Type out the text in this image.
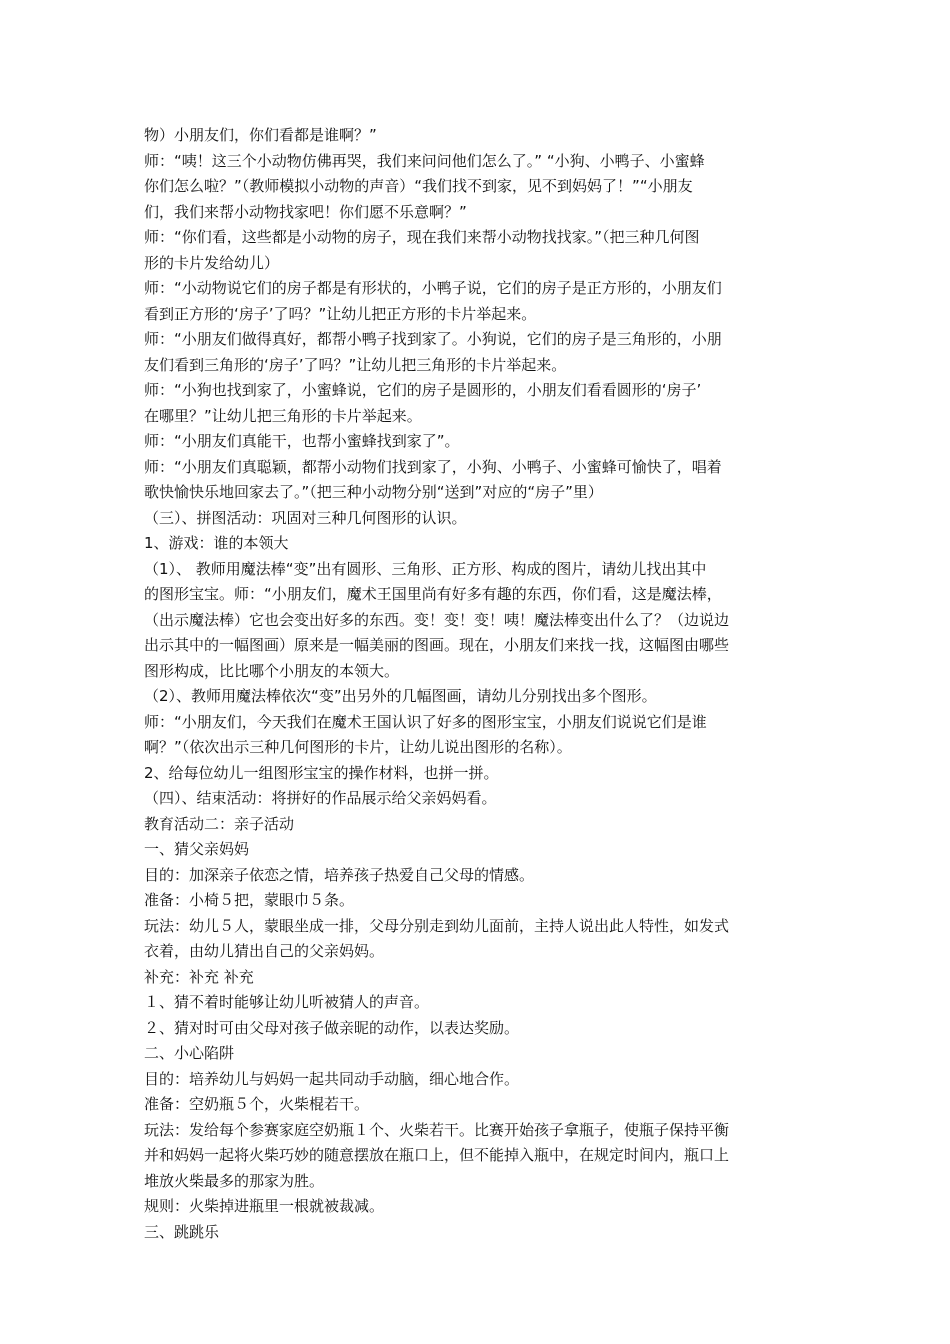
物）小朋友们，你们看都是谁啊？”
师：“咦！这三个小动物仿佛再哭，我们来问问他们怎么了。” “小狗、小鸭子、小蜜蜂
你们怎么啦？”（教师模拟小动物的声音）“我们找不到家，见不到妈妈了！”“小朋友
们，我们来帮小动物找家吧！你们愿不乐意啊？”
师：“你们看，这些都是小动物的房子，现在我们来帮小动物找找家。”（把三种几何图
形的卡片发给幼儿）
师：“小动物说它们的房子都是有形状的，小鸭子说，它们的房子是正方形的，小朋友们
看到正方形的‘房子’了吗？”让幼儿把正方形的卡片举起来。
师：“小朋友们做得真好，都帮小鸭子找到家了。小狗说，它们的房子是三角形的，小朋
友们看到三角形的‘房子’了吗？”让幼儿把三角形的卡片举起来。
师：“小狗也找到家了，小蜜蜂说，它们的房子是圆形的，小朋友们看看圆形的‘房子’
在哪里？”让幼儿把三角形的卡片举起来。
师：“小朋友们真能干，也帮小蜜蜂找到家了”。
师：“小朋友们真聪颖，都帮小动物们找到家了，小狗、小鸭子、小蜜蜂可愉快了，唱着
歌快愉快乐地回家去了。”（把三种小动物分别“送到”对应的“房子”里）
（三）、拼图活动：巩固对三种几何图形的认识。
1、游戏：谁的本领大
（1）、 教师用魔法棒“变”出有圆形、三角形、正方形、构成的图片，请幼儿找出其中
的图形宝宝。师：“小朋友们，魔术王国里尚有好多有趣的东西，你们看，这是魔法棒，
（出示魔法棒）它也会变出好多的东西。变！变！变！咦！魔法棒变出什么了？（边说边
出示其中的一幅图画）原来是一幅美丽的图画。现在，小朋友们来找一找，这幅图由哪些
图形构成，比比哪个小朋友的本领大。
（2）、教师用魔法棒依次“变”出另外的几幅图画，请幼儿分别找出多个图形。
师：“小朋友们，今天我们在魔术王国认识了好多的图形宝宝，小朋友们说说它们是谁
啊？”（依次出示三种几何图形的卡片，让幼儿说出图形的名称）。
2、给每位幼儿一组图形宝宝的操作材料，也拼一拼。
（四）、结束活动：将拼好的作品展示给父亲妈妈看。
教育活动二：亲子活动
一、猜父亲妈妈
目的：加深亲子依恋之情，培养孩子热爱自己父母的情感。
准备：小椅５把，蒙眼巾５条。
玩法：幼儿５人，蒙眼坐成一排，父母分别走到幼儿面前，主持人说出此人特性，如发式
衣着，由幼儿猜出自己的父亲妈妈。
补充：补充 补充
１、猜不着时能够让幼儿听被猜人的声音。
２、猜对时可由父母对孩子做亲昵的动作，以表达奖励。
二、小心陷阱
目的：培养幼儿与妈妈一起共同动手动脑，细心地合作。
准备：空奶瓶５个，火柴棍若干。
玩法：发给每个参赛家庭空奶瓶１个、火柴若干。比赛开始孩子拿瓶子，使瓶子保持平衡
并和妈妈一起将火柴巧妙的随意摆放在瓶口上，但不能掉入瓶中，在规定时间内，瓶口上
堆放火柴最多的那家为胜。
规则：火柴掉进瓶里一根就被裁减。
三、跳跳乐
